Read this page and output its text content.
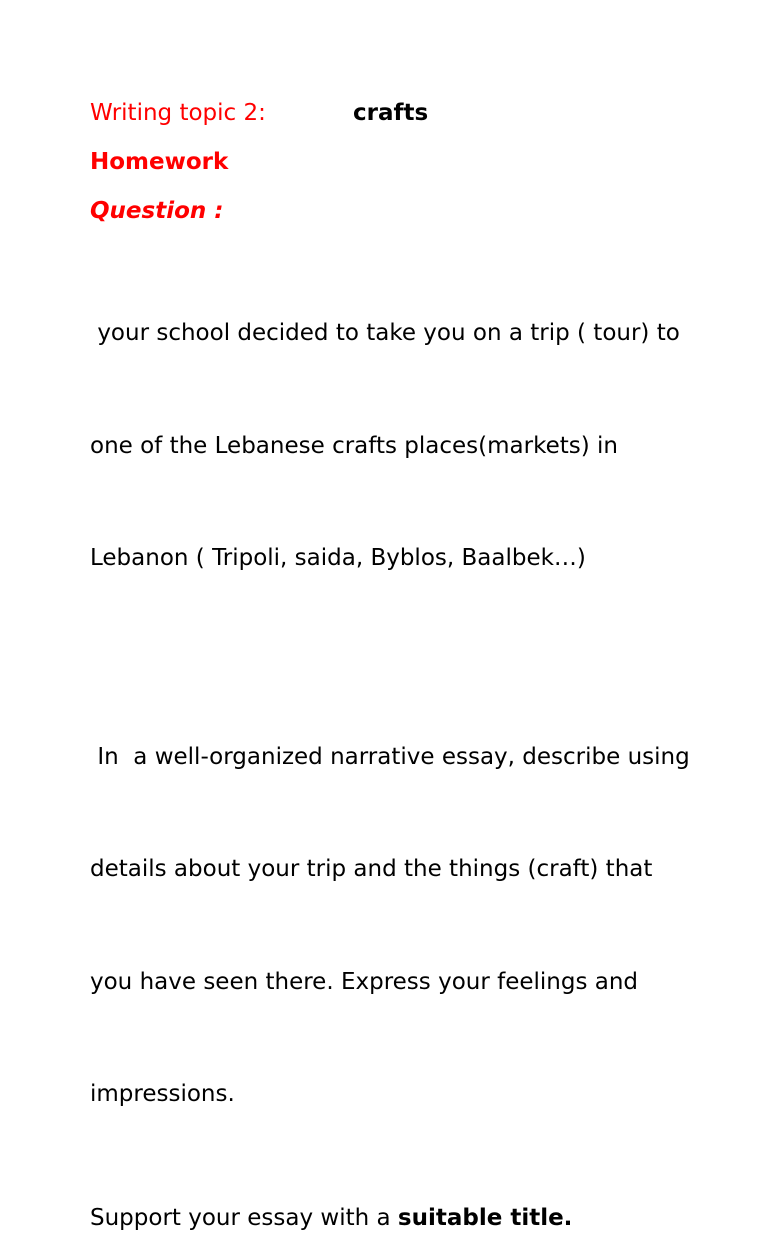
Writing topic 2:	crafts

Homework

Question :

your school decided to take you on a trip ( tour) to

one of the Lebanese crafts places(markets) in

Lebanon ( Tripoli, saida, Byblos, Baalbek…)

In  a well-organized narrative essay, describe using

details about your trip and the things (craft) that

you have seen there. Express your feelings and

impressions.

Support your essay with a suitable title.
